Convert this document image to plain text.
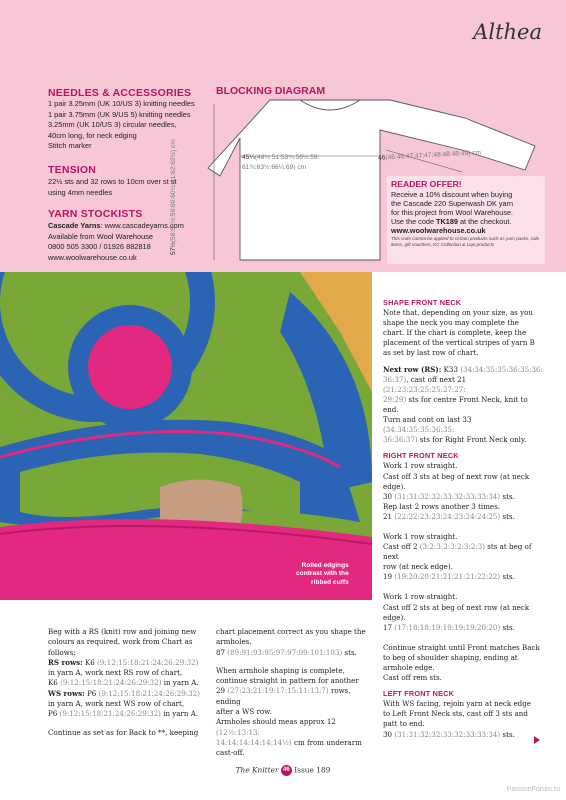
Althea
NEEDLES & ACCESSORIES
1 pair 3.25mm (UK 10/US 3) knitting needles
1 pair 3.75mm (UK 9/US 5) knitting needles
3.25mm (UK 10/US 3) circular needles,
40cm long, for neck edging
Stitch marker
TENSION
22½ sts and 32 rows to 10cm over st st
using 4mm needles
YARN STOCKISTS
Cascade Yarns: www.cascadeyarns.com
Available from Wool Warehouse
0800 505 3300 / 01926 882818
www.woolwarehouse.co.uk
BLOCKING DIAGRAM
45¼(48½:51:53¾:56½:59:
61¾:63½:66¼:69) cm
46(46:46:47:47:47:48:48:48:49) cm
57½(58:58½:59:60:60½:61:62:62½) cm	READER OFFER!

Receive a 10% discount when buying
the Cascade 220 Superwash DK yarn
for this project from Wool Warehouse.
Use the code TK189 at the checkout.
www.woolwarehouse.co.uk

This code cannot be applied to certain products such as yarn packs, sale items, gift vouchers, KC Collection & Lopi products

Rolled edgings
contrast with the
ribbed cuffs
SHAPE FRONT NECK
Note that, depending on your size, as you
shape the neck you may complete the
chart. If the chart is complete, keep the
placement of the vertical stripes of yarn B
as set by last row of chart.
Next row (RS): K33 (34:34:35:35:36:35:36:
36:37), cast off next 21 (21:23:23:25:25:27:27:
29:29) sts for centre Front Neck, knit to end.
Turn and cont on last 33 (34:34:35:35:36:35:
36:36:37) sts for Right Front Neck only.
RIGHT FRONT NECK
Work 1 row straight.
Cast off 3 sts at beg of next row (at neck
edge).
30 (31:31:32:32:33:32:33:33:34) sts.
Rep last 2 rows another 3 times.
21 (22:22:23:23:24:23:24:24:25) sts.
Work 1 row straight.
Cast off 2 (3:2:3:2:3:2:3:2:3) sts at beg of next
row (at neck edge).
19 (19:20:20:21:21:21:21:22:22) sts.
Work 1 row straight.
Cast off 2 sts at beg of next row (at neck
edge).
17 (17:18:18:19:19:19:19:20:20) sts.
Continue straight until Front matches Back
to beg of shoulder shaping, ending at
armhole edge.
Cast off rem sts.
LEFT FRONT NECK
With WS facing, rejoin yarn at neck edge
to Left Front Neck sts, cast off 3 sts and
patt to end.
30 (31:31:32:32:33:32:33:33:34) sts.
Beg with a RS (knit) row and joining new
colours as required, work from Chart as
follows:
RS rows: K6 (9:12:15:18:21:24:26:29:32)
in yarn A, work next RS row of chart,
K6 (9:12:15:18:21:24:26:29:32) in yarn A.
WS rows: P6 (9:12:15:18:21:24:26:29:32)
in yarn A, work next WS row of chart,
P6 (9:12:15:18:21:24:26:29:32) in yarn A.
Continue as set as for Back to **, keeping
chart placement correct as you shape the
armholes.
87 (89:91:93:95:97:97:99:101:103) sts.
When armhole shaping is complete,
continue straight in pattern for another
29 (27:23:21:19:17:15:11:13:7) rows, ending
after a WS row.
Armholes should meas approx 12 (12½:13:13:
14:14:14:14:14:14½) cm from underarm
cast-off.
The Knitter 46 Issue 189
PassionForum.ru
